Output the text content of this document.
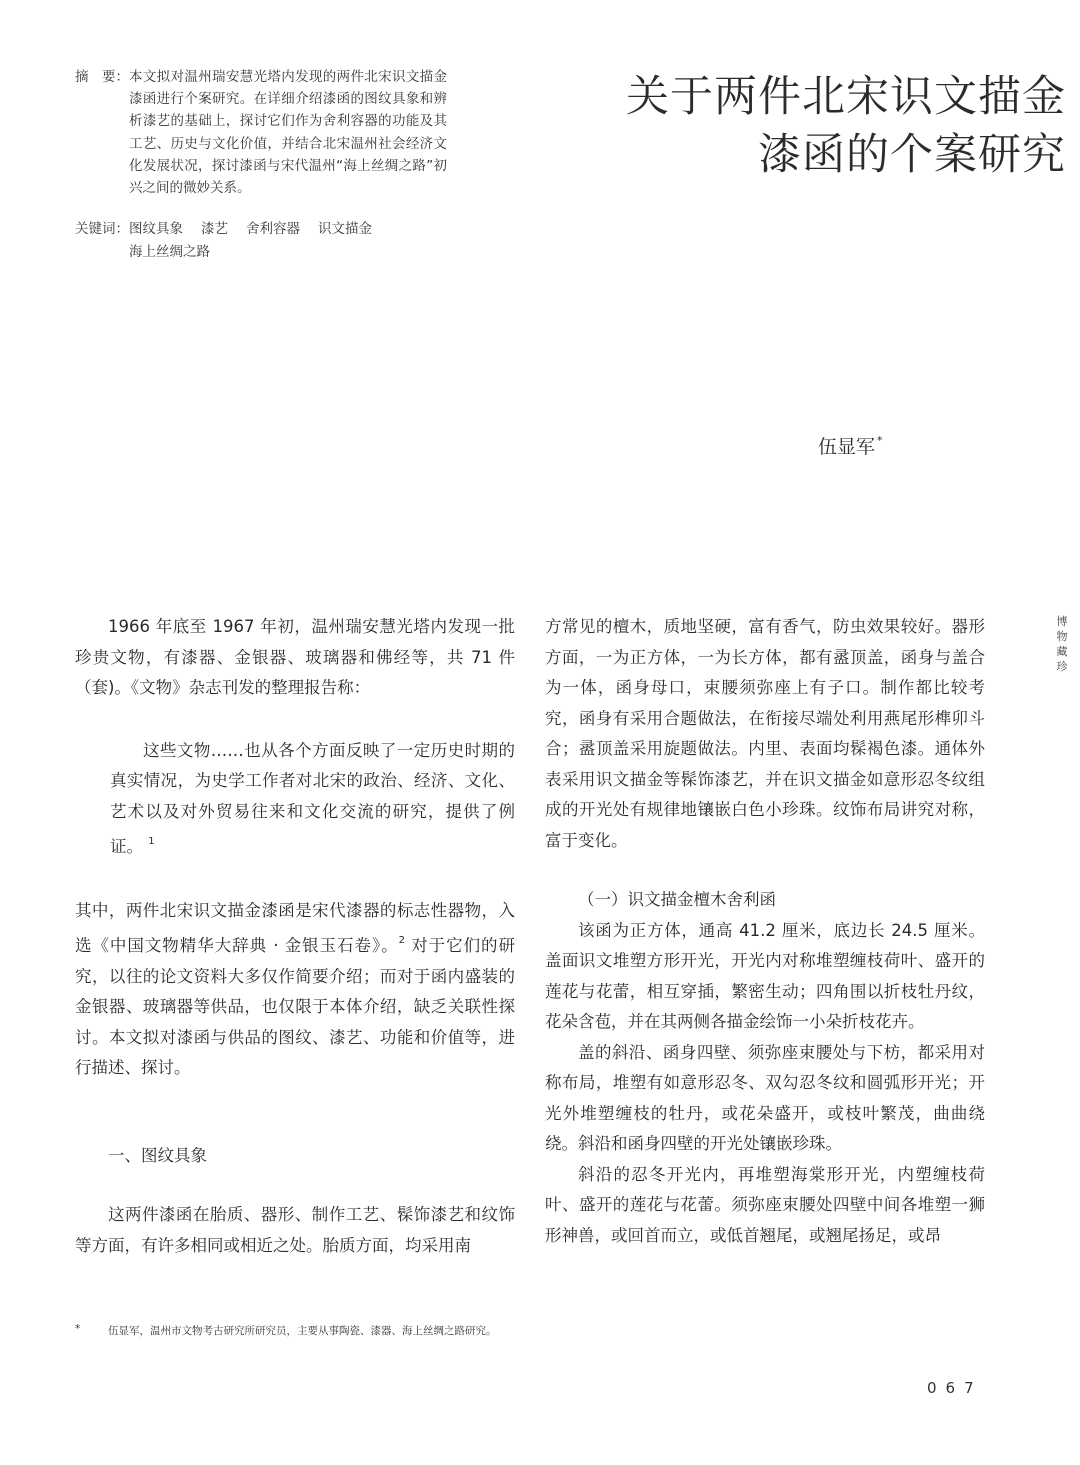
摘　要： 本文拟对温州瑞安慧光塔内发现的两件北宋识文描金漆函进行个案研究。在详细介绍漆函的图纹具象和辨析漆艺的基础上，探讨它们作为舍利容器的功能及其工艺、历史与文化价值，并结合北宋温州社会经济文化发展状况，探讨漆函与宋代温州“海上丝绸之路”初兴之间的微妙关系。
关键词： 图纹具象 漆艺 舍利容器 识文描金
海上丝绸之路
关于两件北宋识文描金
漆函的个案研究
伍显军 *

1966 年底至 1967 年初，温州瑞安慧光塔内发现一批珍贵文物，有漆器、金银器、玻璃器和佛经等，共 71 件（套)。《文物》杂志刊发的整理报告称：

这些文物……也从各个方面反映了一定历史时期的真实情况，为史学工作者对北宋的政治、经济、文化、艺术以及对外贸易往来和文化交流的研究，提供了例证。 $^1$

其中，两件北宋识文描金漆函是宋代漆器的标志性器物，入选《中国文物精华大辞典 · 金银玉石卷》。$^2$ 对于它们的研究，以往的论文资料大多仅作简要介绍；而对于函内盛装的金银器、玻璃器等供品，也仅限于本体介绍，缺乏关联性探讨。本文拟对漆函与供品的图纹、漆艺、功能和价值等，进行描述、探讨。

一、图纹具象

这两件漆函在胎质、器形、制作工艺、髹饰漆艺和纹饰等方面，有许多相同或相近之处。胎质方面，均采用南

方常见的檀木，质地坚硬，富有香气，防虫效果较好。器形方面，一为正方体，一为长方体，都有盝顶盖，函身与盖合为一体，函身母口，束腰须弥座上有子口。制作都比较考究，函身有采用合题做法，在衔接尽端处利用燕尾形榫卯斗合；盝顶盖采用旋题做法。内里、表面均髹褐色漆。通体外表采用识文描金等髹饰漆艺，并在识文描金如意形忍冬纹组成的开光处有规律地镶嵌白色小珍珠。纹饰布局讲究对称，富于变化。

（一）识文描金檀木舍利函

该函为正方体，通高 41.2 厘米，底边长 24.5 厘米。盖面识文堆塑方形开光，开光内对称堆塑缠枝荷叶、盛开的莲花与花蕾，相互穿插，繁密生动；四角围以折枝牡丹纹，花朵含苞，并在其两侧各描金绘饰一小朵折枝花卉。

盖的斜沿、函身四壁、须弥座束腰处与下枋，都采用对称布局，堆塑有如意形忍冬、双勾忍冬纹和圆弧形开光；开光外堆塑缠枝的牡丹，或花朵盛开，或枝叶繁茂，曲曲绕绕。斜沿和函身四壁的开光处镶嵌珍珠。

斜沿的忍冬开光内，再堆塑海棠形开光，内塑缠枝荷叶、盛开的莲花与花蕾。须弥座束腰处四壁中间各堆塑一狮形神兽，或回首而立，或低首翘尾，或翘尾扬足，或昂

博物藏珍
*	伍显军，温州市文物考古研究所研究员，主要从事陶瓷、漆器、海上丝绸之路研究。
067
